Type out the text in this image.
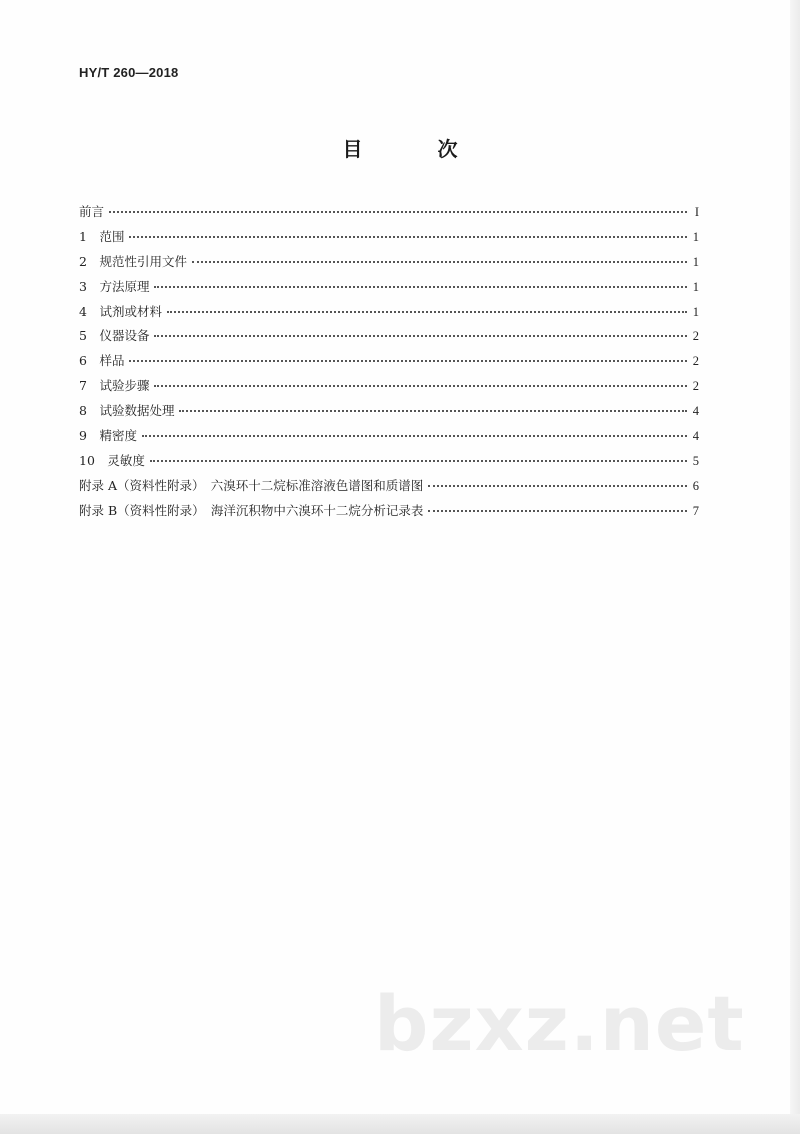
HY/T 260—2018
目 次
前言	I
1　范围	1
2　规范性引用文件	1
3　方法原理	1
4　试剂或材料	1
5　仪器设备	2
6　样品	2
7　试验步骤	2
8　试验数据处理	4
9　精密度	4
10　灵敏度	5
附录 A（资料性附录）　六溴环十二烷标准溶液色谱图和质谱图	6
附录 B（资料性附录）　海洋沉积物中六溴环十二烷分析记录表	7
bzxz.net
